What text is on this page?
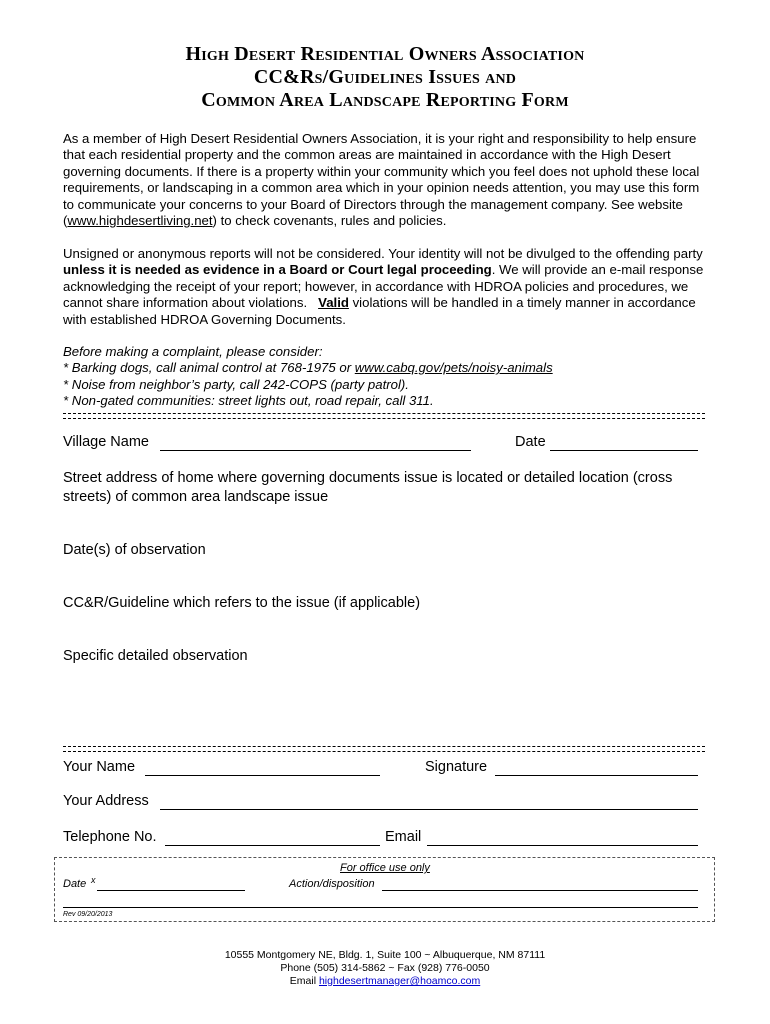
High Desert Residential Owners Association
CC&Rs/Guidelines Issues and
Common Area Landscape Reporting Form
As a member of High Desert Residential Owners Association, it is your right and responsibility to help ensure that each residential property and the common areas are maintained in accordance with the High Desert governing documents. If there is a property within your community which you feel does not uphold these local requirements, or landscaping in a common area which in your opinion needs attention, you may use this form to communicate your concerns to your Board of Directors through the management company. See website (www.highdesertliving.net) to check covenants, rules and policies.
Unsigned or anonymous reports will not be considered. Your identity will not be divulged to the offending party unless it is needed as evidence in a Board or Court legal proceeding. We will provide an e-mail response acknowledging the receipt of your report; however, in accordance with HDROA policies and procedures, we cannot share information about violations. Valid violations will be handled in a timely manner in accordance with established HDROA Governing Documents.
Before making a complaint, please consider:
* Barking dogs, call animal control at 768-1975 or www.cabq.gov/pets/noisy-animals
* Noise from neighbor’s party, call 242-COPS (party patrol).
* Non-gated communities: street lights out, road repair, call 311.
Village Name	Date
Street address of home where governing documents issue is located or detailed location (cross streets) of common area landscape issue
Date(s) of observation
CC&R/Guideline which refers to the issue (if applicable)
Specific detailed observation
Your Name	Signature
Your Address
Telephone No.	Email
For office use only
Date x	Action/disposition
Rev 09/20/2013
10555 Montgomery NE, Bldg. 1, Suite 100 ~ Albuquerque, NM 87111
Phone (505) 314-5862 ~ Fax (928) 776-0050
Email highdesertmanager@hoamco.com
